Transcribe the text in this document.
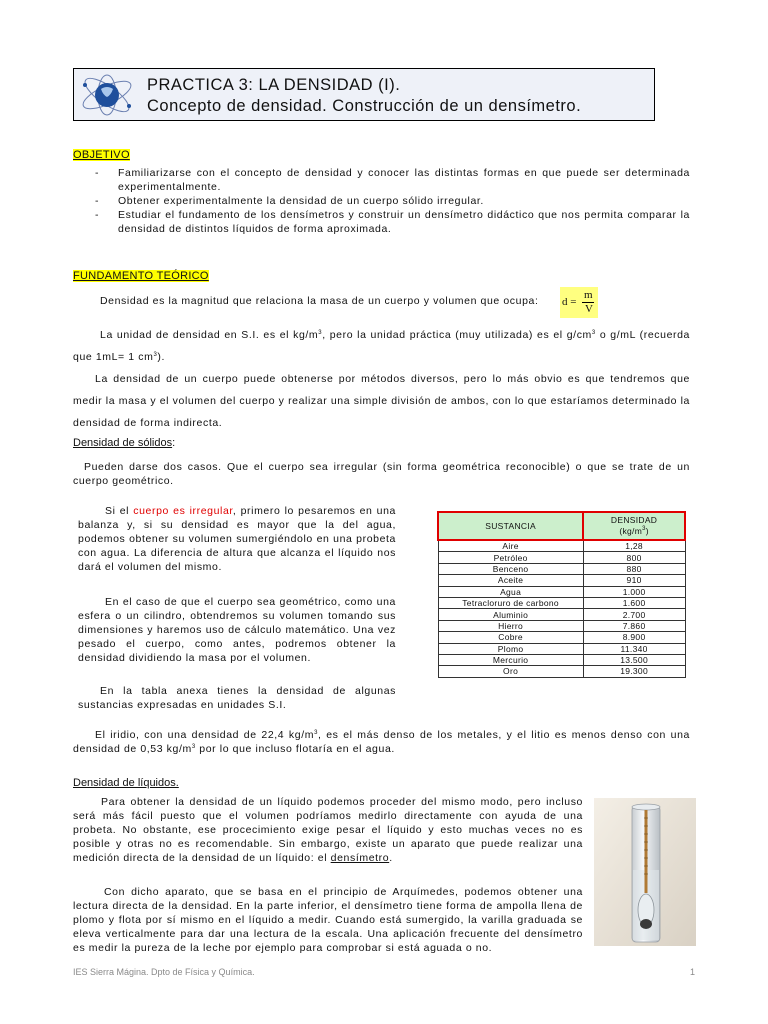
PRACTICA 3: LA DENSIDAD (I).
Concepto de densidad. Construcción de un densímetro.
OBJETIVO
- Familiarizarse con el concepto de densidad y conocer las distintas formas en que puede ser determinada experimentalmente.
- Obtener experimentalmente la densidad de un cuerpo sólido irregular.
- Estudiar el fundamento de los densímetros y construir un densímetro didáctico que nos permita comparar la densidad de distintos líquidos de forma aproximada.
FUNDAMENTO TEÓRICO
Densidad es la magnitud que relaciona la masa de un cuerpo y volumen que ocupa:	d =
m
V
La unidad de densidad en S.I. es el $kg/m^3$, pero la unidad práctica (muy utilizada) es el $g/cm^3$ o g/mL (recuerda que 1mL= 1 $cm^3$).
La densidad de un cuerpo puede obtenerse por métodos diversos, pero lo más obvio es que tendremos que medir la masa y el volumen del cuerpo y realizar una simple división de ambos, con lo que estaríamos determinado la densidad de forma indirecta.
Densidad de sólidos:
Pueden darse dos casos. Que el cuerpo sea irregular (sin forma geométrica reconocible) o que se trate de un cuerpo geométrico.
Si el cuerpo es irregular, primero lo pesaremos en una balanza y, si su densidad es mayor que la del agua, podemos obtener su volumen sumergiéndolo en una probeta con agua. La diferencia de altura que alcanza el líquido nos dará el volumen del mismo.
En el caso de que el cuerpo sea geométrico, como una esfera o un cilindro, obtendremos su volumen tomando sus dimensiones y haremos uso de cálculo matemático. Una vez pesado el cuerpo, como antes, podremos obtener la densidad dividiendo la masa por el volumen.
En la tabla anexa tienes la densidad de algunas sustancias expresadas en unidades S.I.
SUSTANCIA	DENSIDAD
$(kg/m^3)$

Aire	1,28
Petróleo	800
Benceno	880
Aceite	910
Agua	1.000
Tetracloruro de carbono	1.600
Aluminio	2.700
Hierro	7.860
Cobre	8.900
Plomo	11.340
Mercurio	13.500
Oro	19.300
El iridio, con una densidad de 22,4 $kg/m^3$, es el más denso de los metales, y el litio es menos denso con una densidad de 0,53 $kg/m^3$ por lo que incluso flotaría en el agua.
Densidad de líquidos.
Para obtener la densidad de un líquido podemos proceder del mismo modo, pero incluso será más fácil puesto que el volumen podríamos medirlo directamente con ayuda de una probeta. No obstante, ese procecimiento exige pesar el líquido y esto muchas veces no es posible y otras no es recomendable. Sin embargo, existe un aparato que puede realizar una medición directa de la densidad de un líquido: el densímetro.
Con dicho aparato, que se basa en el principio de Arquímedes, podemos obtener una lectura directa de la densidad. En la parte inferior, el densímetro tiene forma de ampolla llena de plomo y flota por sí mismo en el líquido a medir. Cuando está sumergido, la varilla graduada se eleva verticalmente para dar una lectura de la escala. Una aplicación frecuente del densímetro es medir la pureza de la leche por ejemplo para comprobar si está aguada o no.
IES Sierra Mágina. Dpto de Física y Química.	1
